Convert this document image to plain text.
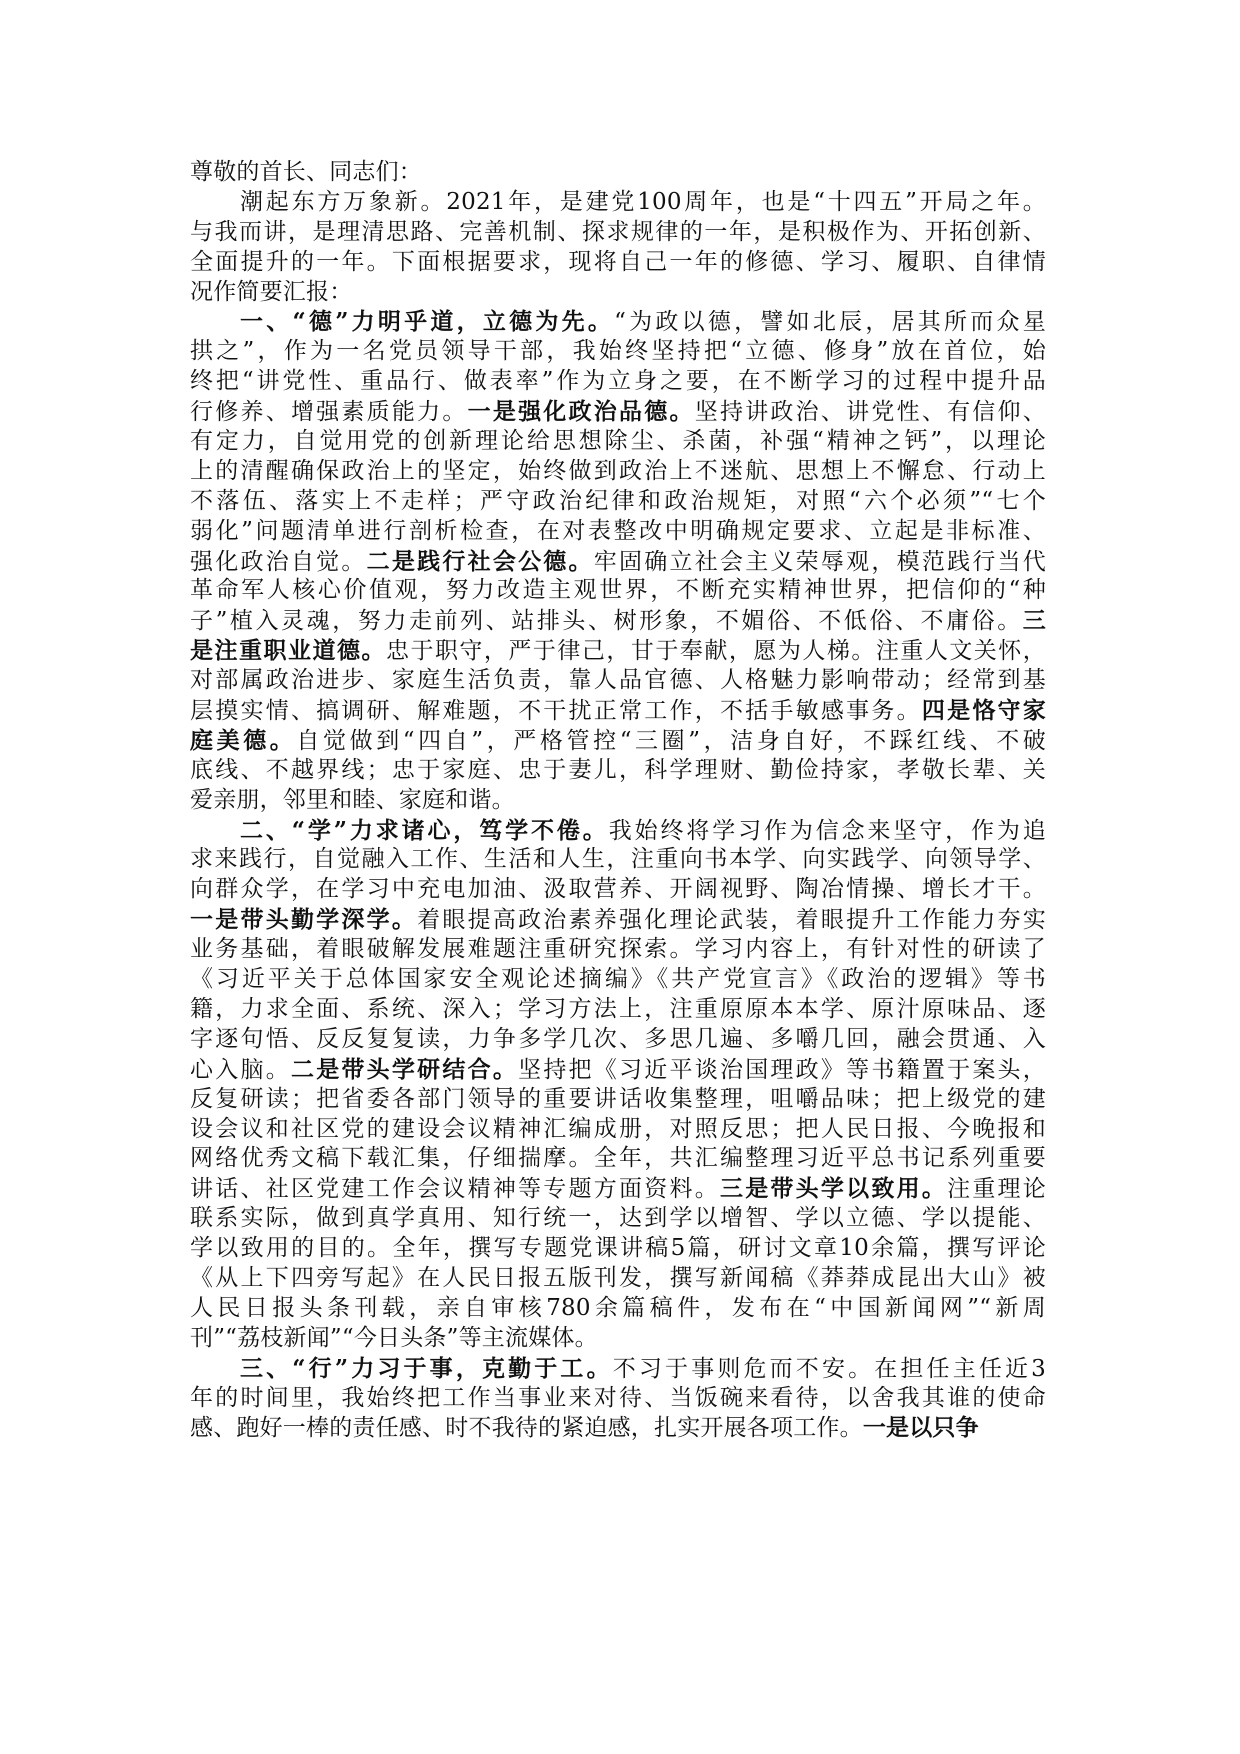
尊敬的首长、同志们：
潮起东方万象新。2021年，是建党100周年，也是“十四五”开局之年。
与我而讲，是理清思路、完善机制、探求规律的一年，是积极作为、开拓创新、
全面提升的一年。下面根据要求，现将自己一年的修德、学习、履职、自律情
况作简要汇报：
一、“德”力明乎道，立德为先。“为政以德，譬如北辰，居其所而众星
拱之”，作为一名党员领导干部，我始终坚持把“立德、修身”放在首位，始
终把“讲党性、重品行、做表率”作为立身之要，在不断学习的过程中提升品
行修养、增强素质能力。一是强化政治品德。坚持讲政治、讲党性、有信仰、
有定力，自觉用党的创新理论给思想除尘、杀菌，补强“精神之钙”，以理论
上的清醒确保政治上的坚定，始终做到政治上不迷航、思想上不懈怠、行动上
不落伍、落实上不走样；严守政治纪律和政治规矩，对照“六个必须”“七个
弱化”问题清单进行剖析检查，在对表整改中明确规定要求、立起是非标准、
强化政治自觉。二是践行社会公德。牢固确立社会主义荣辱观，模范践行当代
革命军人核心价值观，努力改造主观世界，不断充实精神世界，把信仰的“种
子”植入灵魂，努力走前列、站排头、树形象，不媚俗、不低俗、不庸俗。三
是注重职业道德。忠于职守，严于律己，甘于奉献，愿为人梯。注重人文关怀，
对部属政治进步、家庭生活负责，靠人品官德、人格魅力影响带动；经常到基
层摸实情、搞调研、解难题，不干扰正常工作，不括手敏感事务。四是恪守家
庭美德。自觉做到“四自”，严格管控“三圈”，洁身自好，不踩红线、不破
底线、不越界线；忠于家庭、忠于妻儿，科学理财、勤俭持家，孝敬长辈、关
爱亲朋，邻里和睦、家庭和谐。
二、“学”力求诸心，笃学不倦。我始终将学习作为信念来坚守，作为追
求来践行，自觉融入工作、生活和人生，注重向书本学、向实践学、向领导学、
向群众学，在学习中充电加油、汲取营养、开阔视野、陶冶情操、增长才干。
一是带头勤学深学。着眼提高政治素养强化理论武装，着眼提升工作能力夯实
业务基础，着眼破解发展难题注重研究探索。学习内容上，有针对性的研读了
《习近平关于总体国家安全观论述摘编》《共产党宣言》《政治的逻辑》等书
籍，力求全面、系统、深入；学习方法上，注重原原本本学、原汁原味品、逐
字逐句悟、反反复复读，力争多学几次、多思几遍、多嚼几回，融会贯通、入
心入脑。二是带头学研结合。坚持把《习近平谈治国理政》等书籍置于案头，
反复研读；把省委各部门领导的重要讲话收集整理，咀嚼品味；把上级党的建
设会议和社区党的建设会议精神汇编成册，对照反思；把人民日报、今晚报和
网络优秀文稿下载汇集，仔细揣摩。全年，共汇编整理习近平总书记系列重要
讲话、社区党建工作会议精神等专题方面资料。三是带头学以致用。注重理论
联系实际，做到真学真用、知行统一，达到学以增智、学以立德、学以提能、
学以致用的目的。全年，撰写专题党课讲稿5篇，研讨文章10余篇，撰写评论
《从上下四旁写起》在人民日报五版刊发，撰写新闻稿《莽莽成昆出大山》被
人民日报头条刊载，亲自审核780余篇稿件，发布在“中国新闻网”“新周
刊”“荔枝新闻”“今日头条”等主流媒体。
三、“行”力习于事，克勤于工。不习于事则危而不安。在担任主任近3
年的时间里，我始终把工作当事业来对待、当饭碗来看待，以舍我其谁的使命
感、跑好一棒的责任感、时不我待的紧迫感，扎实开展各项工作。一是以只争
